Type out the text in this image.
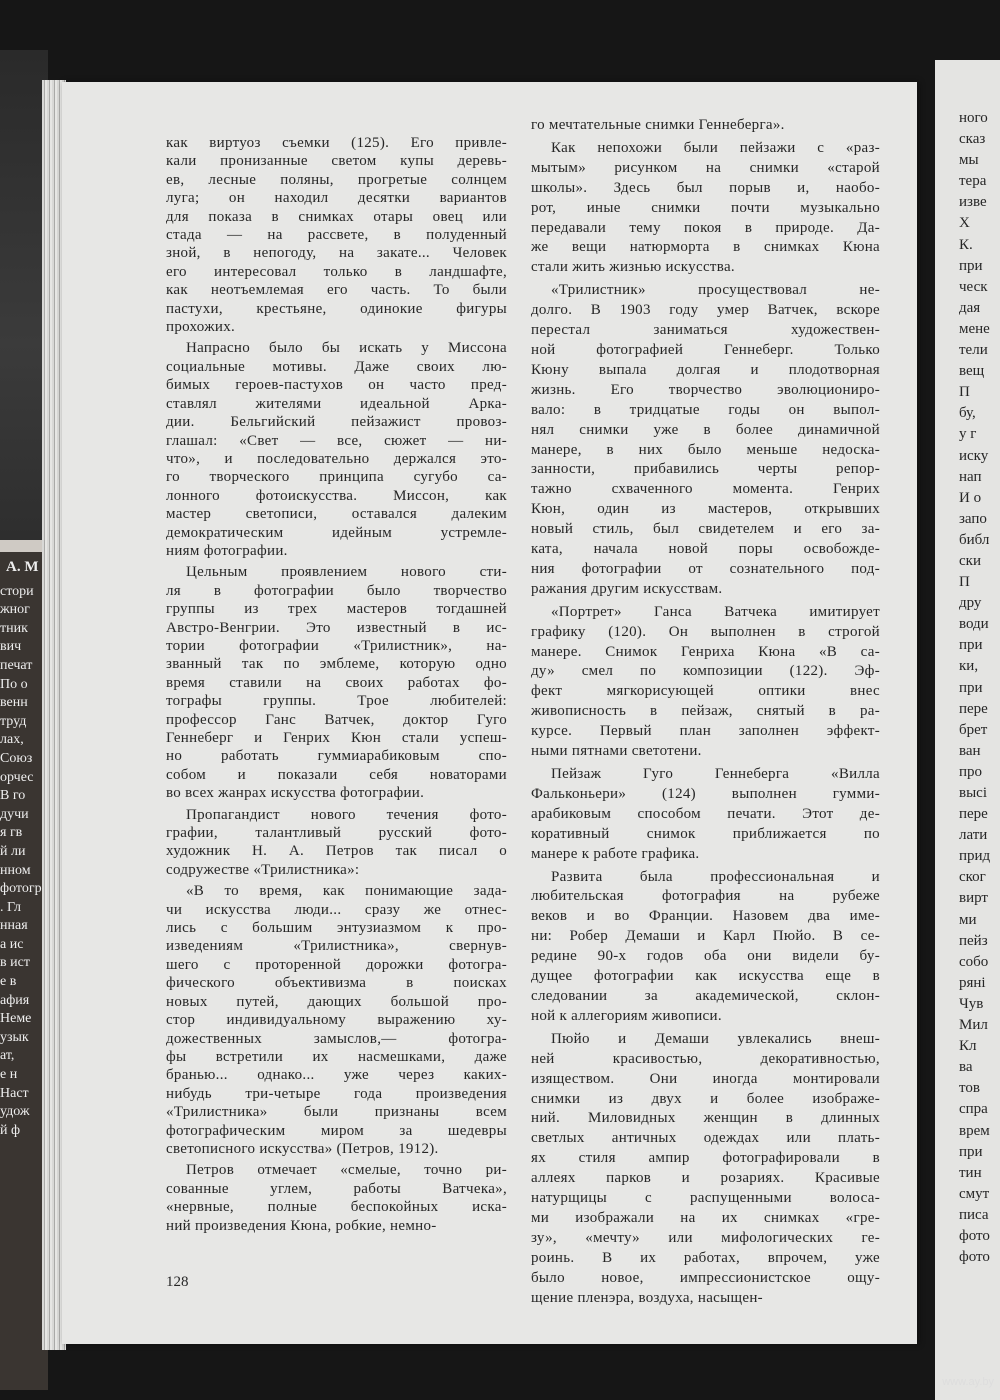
А. М
стори
жног
тник
вич
печат
По о
венн
труд
лах,
Союз
орчес
В го
дучи
я гв
й ли
нном
фотогр
. Гл
нная
а ис
в ист
е в
афия
Неме
узык
ат,
е н
Наст
удож
й ф
как виртуоз съемки (125). Его привле-
кали пронизанные светом купы деревь-
ев, лесные поляны, прогретые солнцем
луга; он находил десятки вариантов
для показа в снимках отары овец или
стада — на рассвете, в полуденный
зной, в непогоду, на закате... Человек
его интересовал только в ландшафте,
как неотъемлемая его часть. То были
пастухи, крестьяне, одинокие фигуры
прохожих.
Напрасно было бы искать у Миссона
социальные мотивы. Даже своих лю-
бимых героев-пастухов он часто пред-
ставлял жителями идеальной Арка-
дии. Бельгийский пейзажист провоз-
глашал: «Свет — все, сюжет — ни-
что», и последовательно держался это-
го творческого принципа сугубо са-
лонного фотоискусства. Миссон, как
мастер светописи, оставался далеким
демократическим идейным устремле-
ниям фотографии.
Цельным проявлением нового сти-
ля в фотографии было творчество
группы из трех мастеров тогдашней
Австро-Венгрии. Это известный в ис-
тории фотографии «Трилистник», на-
званный так по эмблеме, которую одно
время ставили на своих работах фо-
тографы группы. Трое любителей:
профессор Ганс Ватчек, доктор Гуго
Геннеберг и Генрих Кюн стали успеш-
но работать гуммиарабиковым спо-
собом и показали себя новаторами
во всех жанрах искусства фотографии.
Пропагандист нового течения фото-
графии, талантливый русский фото-
художник Н. А. Петров так писал о
содружестве «Трилистника»:
«В то время, как понимающие зада-
чи искусства люди... сразу же отнес-
лись с большим энтузиазмом к про-
изведениям «Трилистника», свернув-
шего с проторенной дорожки фотогра-
фического объективизма в поисках
новых путей, дающих большой про-
стор индивидуальному выражению ху-
дожественных замыслов,— фотогра-
фы встретили их насмешками, даже
бранью... однако... уже через каких-
нибудь три-четыре года произведения
«Трилистника» были признаны всем
фотографическим миром за шедевры
светописного искусства» (Петров, 1912).
Петров отмечает «смелые, точно ри-
сованные углем, работы Ватчека»,
«нервные, полные беспокойных иска-
ний произведения Кюна, робкие, немно-
го мечтательные снимки Геннеберга».
Как непохожи были пейзажи с «раз-
мытым» рисунком на снимки «старой
школы». Здесь был порыв и, наобо-
рот, иные снимки почти музыкально
передавали тему покоя в природе. Да-
же вещи натюрморта в снимках Кюна
стали жить жизнью искусства.
«Трилистник» просуществовал не-
долго. В 1903 году умер Ватчек, вскоре
перестал заниматься художествен-
ной фотографией Геннеберг. Только
Кюну выпала долгая и плодотворная
жизнь. Его творчество эволюциониро-
вало: в тридцатые годы он выпол-
нял снимки уже в более динамичной
манере, в них было меньше недоска-
занности, прибавились черты репор-
тажно схваченного момента. Генрих
Кюн, один из мастеров, открывших
новый стиль, был свидетелем и его за-
ката, начала новой поры освобожде-
ния фотографии от сознательного под-
ражания другим искусствам.
«Портрет» Ганса Ватчека имитирует
графику (120). Он выполнен в строгой
манере. Снимок Генриха Кюна «В са-
ду» смел по композиции (122). Эф-
фект мягкорисующей оптики внес
живописность в пейзаж, снятый в ра-
курсе. Первый план заполнен эффект-
ными пятнами светотени.
Пейзаж Гуго Геннеберга «Вилла
Фальконьери» (124) выполнен гумми-
арабиковым способом печати. Этот де-
коративный снимок приближается по
манере к работе графика.
Развита была профессиональная и
любительская фотография на рубеже
веков и во Франции. Назовем два име-
ни: Робер Демаши и Карл Пюйо. В се-
редине 90-х годов оба они видели бу-
дущее фотографии как искусства еще в
следовании за академической, склон-
ной к аллегориям живописи.
Пюйо и Демаши увлекались внеш-
ней красивостью, декоративностью,
изяществом. Они иногда монтировали
снимки из двух и более изображе-
ний. Миловидных женщин в длинных
светлых античных одеждах или плать-
ях стиля ампир фотографировали в
аллеях парков и розариях. Красивые
натурщицы с распущенными волоса-
ми изображали на их снимках «гре-
зу», «мечту» или мифологических ге-
роинь. В их работах, впрочем, уже
было новое, импрессионистское ощу-
щение пленэра, воздуха, насыщен-
128
ного
сказ
мы
тера
изве
Х
К.
при
ческ
дая
мене
тели
вещ
П
бу,
у г
иску
нап
И о
запо
библ
ски
П
дру
води
при
ки,
при
пере
брет
ван
про
высі
пере
лати
прид
ског
вирт
ми
пейз
собо
ряні
Чув
Мил
Кл
ва
тов
спра
врем
при
тин
смут
писа
фото
фото
www.ay.by
